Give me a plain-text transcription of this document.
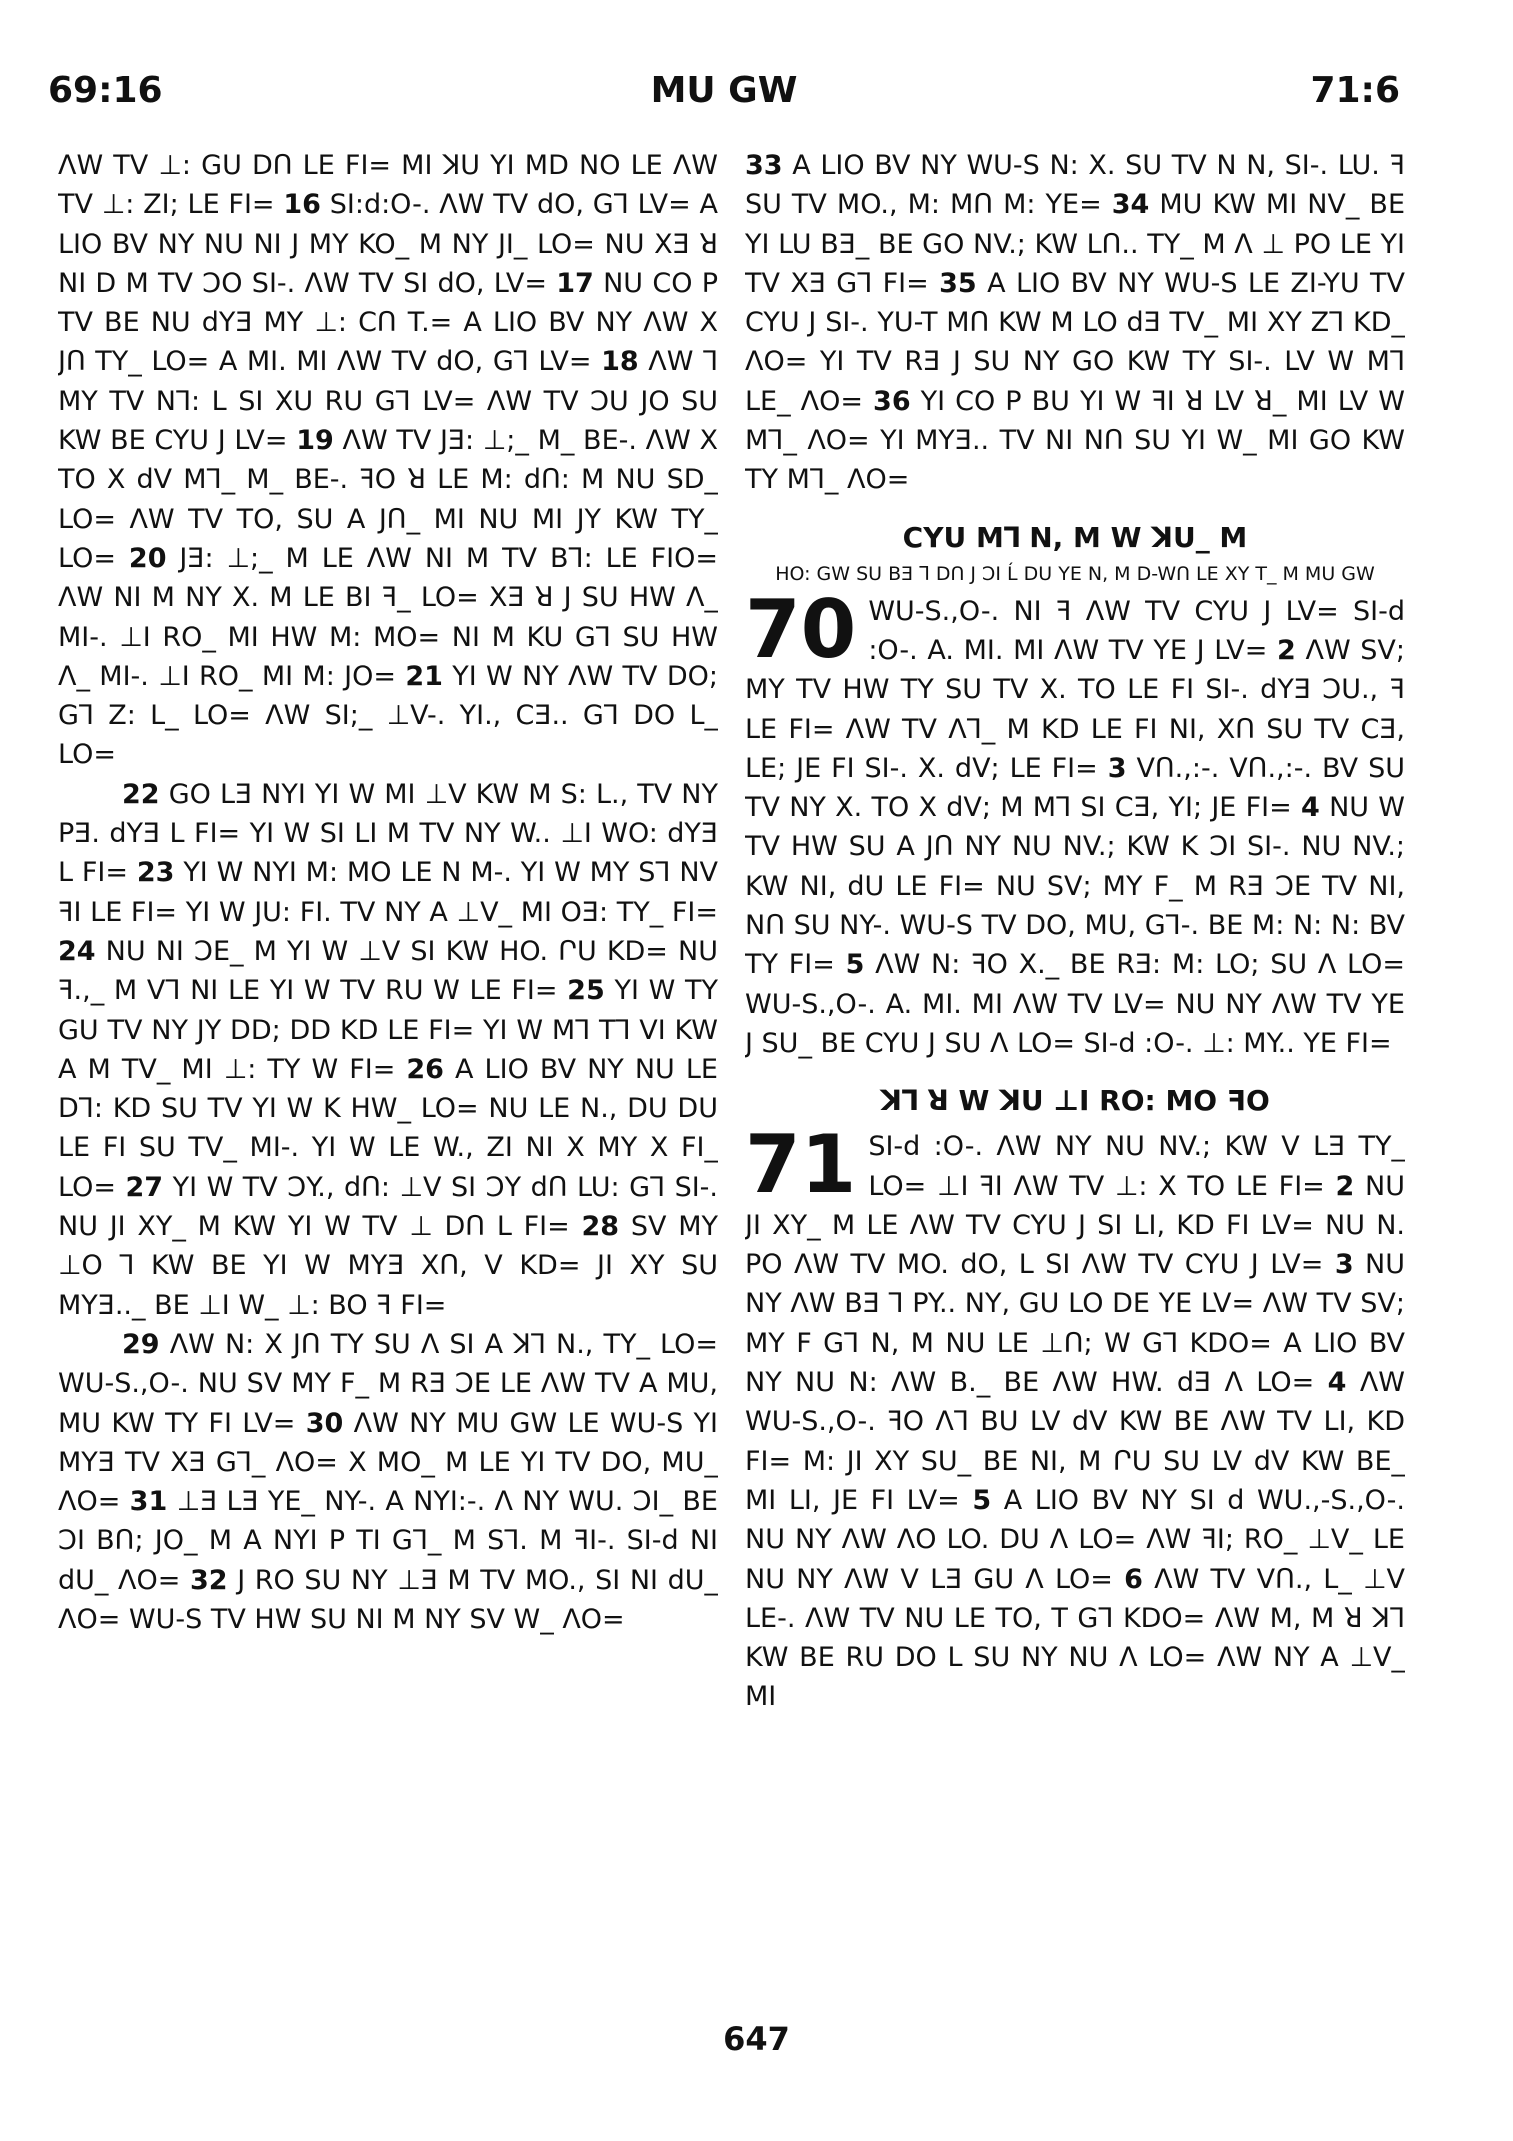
69:16	MU GW	71:6

ΛW TV ⊥: GU DՈ LE FI= MI ꓘU YI MD NՕ LE ΛW TV ⊥: ZI; LE FI= 16 SI:d:O-. ΛW TV dO, G⅂ LV= A LIO BV NY NU NI J MY KO_ M NY JI_ LO= NU XƎ ꓤ NI D M TV ƆO SI-. ΛW TV SI dO, LV= 17 NU CO P TV BE NU dYƎ MY ⊥: CՈ T.= A LIO BV NY ΛW X JՈ TY_ LO= A MI. MI ΛW TV dO, G⅂ LV= 18 ΛW ⅂ MY TV N⅂: L SI XU RU G⅂ LV= ΛW TV ƆU JO SU KW BE CYU J LV= 19 ΛW TV JƎ: ⊥;_ M_ BE-. ΛW X TO X dV M⅂_ M_ BE-. ꟻO ꓤ LE M: dՈ: M NU SD_ LO= ΛW TV TO, SU A JՈ_ MI NU MI JY KW TY_ LO= 20 JƎ: ⊥;_ M LE ΛW NI M TV B⅂: LE FIO= ΛW NI M NY X. M LE BI ꟻ_ LO= XƎ ꓤ J SU HW Λ_ MI-. ⊥I RO_ MI HW M: MO= NI M KU G⅂ SU HW Λ_ MI-. ⊥I RO_ MI M: JO= 21 YI W NY ΛW TV DO; G⅂ Z: L_ LO= ΛW SI;_ ⊥V-. YI., CƎ.. G⅂ DO L_ LO=

22 GO LƎ NYI YI W MI ⊥V KW M S: L., TV NY PƎ. dYƎ L FI= YI W SI LI M TV NY W.. ⊥I WO: dYƎ L FI= 23 YI W NYI M: MO LE N M-. YI W MY S⅂ NV ꟻI LE FI= YI W JU: FI. TV NY A ⊥V_ MI OƎ: TY_ FI= 24 NU NI ƆE_ M YI W ⊥V SI KW HO. ՐU KD= NU ꟻ.,_ M V⅂ NI LE YI W TV RU W LE FI= 25 YI W TY GU TV NY JY DD; DD KD LE FI= YI W M⅂ T⅂ VI KW A M TV_ MI ⊥: TY W FI= 26 A LIO BV NY NU LE D⅂: KD SU TV YI W K HW_ LO= NU LE N., DU DU LE FI SU TV_ MI-. YI W LE W., ZI NI X MY X FI_ LO= 27 YI W TV ƆY., dՈ: ⊥V SI ƆY dՈ LU: G⅂ SI-. NU JI XY_ M KW YI W TV ⊥ DՈ L FI= 28 SV MY ⊥O ⅂ KW BE YI W MYƎ XՈ, V KD= JI XY SU MYƎ.._ BE ⊥I W_ ⊥: BO ꟻ FI=

29 ΛW N: X JՈ TY SU Λ SI A ꓘ⅂ N., TY_ LO= WU-S.,O-. NU SV MY F_ M RƎ ƆE LE ΛW TV A MU, MU KW TY FI LV= 30 ΛW NY MU GW LE WU-S YI MYƎ TV XƎ G⅂_ ΛO= X MO_ M LE YI TV DO, MU_ ΛO= 31 ⊥Ǝ LƎ YE_ NY-. A NYI:-. Λ NY WU. ƆI_ BE ƆI BՈ; JO_ M A NYI P TI G⅂_ M S⅂. M ꟻI-. SI-d NI dU_ ΛO= 32 J RO SU NY ⊥Ǝ M TV MO., SI NI dU_ ΛO= WU-S TV HW SU NI M NY SV W_ ΛO=

33 A LIO BV NY WU-S N: X. SU TV N N, SI-. LU. ꟻ SU TV MO., M: MՈ M: YE= 34 MU KW MI NV_ BE YI LU BƎ_ BE GO NV.; KW LՈ.. TY_ M Λ ⊥ PO LE YI TV XƎ G⅂ FI= 35 A LIO BV NY WU-S LE ZI-YU TV CYU J SI-. YU-T MՈ KW M LO dƎ TV_ MI XY Z⅂ KD_ ΛO= YI TV RƎ J SU NY GO KW TY SI-. LV W M⅂ LE_ ΛO= 36 YI CO P BU YI W ꟻI ꓤ LV ꓤ_ MI LV W M⅂_ ΛO= YI MYƎ.. TV NI NՈ SU YI W_ MI GO KW TY M⅂_ ΛO=

CYU M⅂ N, M W ꓘU_ M
HO: GW SU BƎ ⅂ DՈ J ƆI Ĺ DU YE N, M D-WՈ LE XY T_ M MU GW

70 WU-S.,O-. NI ꟻ ΛW TV CYU J LV= SI-d :O-. A. MI. MI ΛW TV YE J LV= 2 ΛW SV; MY TV HW TY SU TV X. TO LE FI SI-. dYƎ ƆU., ꟻ LE FI= ΛW TV Λ⅂_ M KD LE FI NI, XՈ SU TV CƎ, LE; JE FI SI-. X. dV; LE FI= 3 VՈ.,:-. VՈ.,:-. BV SU TV NY X. TO X dV; M M⅂ SI CƎ, YI; JE FI= 4 NU W TV HW SU A JՈ NY NU NV.; KW K ƆI SI-. NU NV.; KW NI, dU LE FI= NU SV; MY F_ M RƎ ƆE TV NI, NՈ SU NY-. WU-S TV DO, MU, G⅂-. BE M: N: N: BV TY FI= 5 ΛW N: ꟻO X._ BE RƎ: M: LO; SU Λ LO= WU-S.,O-. A. MI. MI ΛW TV LV= NU NY ΛW TV YE J SU_ BE CYU J SU Λ LO= SI-d :O-. ⊥: MY.. YE FI=

ꓘ⅂ ꓤ W ꓘU ⊥I RO: MO ꟻO

71 SI-d :O-. ΛW NY NU NV.; KW V LƎ TY_ LO= ⊥I ꟻI ΛW TV ⊥: X TO LE FI= 2 NU JI XY_ M LE ΛW TV CYU J SI LI, KD FI LV= NU N. PO ΛW TV MO. dO, L SI ΛW TV CYU J LV= 3 NU NY ΛW BƎ ⅂ PY.. NY, GU LO DE YE LV= ΛW TV SV; MY F G⅂ N, M NU LE ⊥Ո; W G⅂ KDO= A LIO BV NY NU N: ΛW B._ BE ΛW HW. dƎ Λ LO= 4 ΛW WU-S.,O-. ꟻO Λ⅂ BU LV dV KW BE ΛW TV LI, KD FI= M: JI XY SU_ BE NI, M ՐU SU LV dV KW BE_ MI LI, JE FI LV= 5 A LIO BV NY SI d WU.,-S.,O-. NU NY ΛW ΛO LO. DU Λ LO= ΛW ꟻI; RO_ ⊥V_ LE NU NY ΛW V LƎ GU Λ LO= 6 ΛW TV VՈ., L_ ⊥V LE-. ΛW TV NU LE TO, T G⅂ KDO= ΛW M, M ꓤ ꓘ⅂ KW BE RU DO L SU NY NU Λ LO= ΛW NY A ⊥V_ MI

647
